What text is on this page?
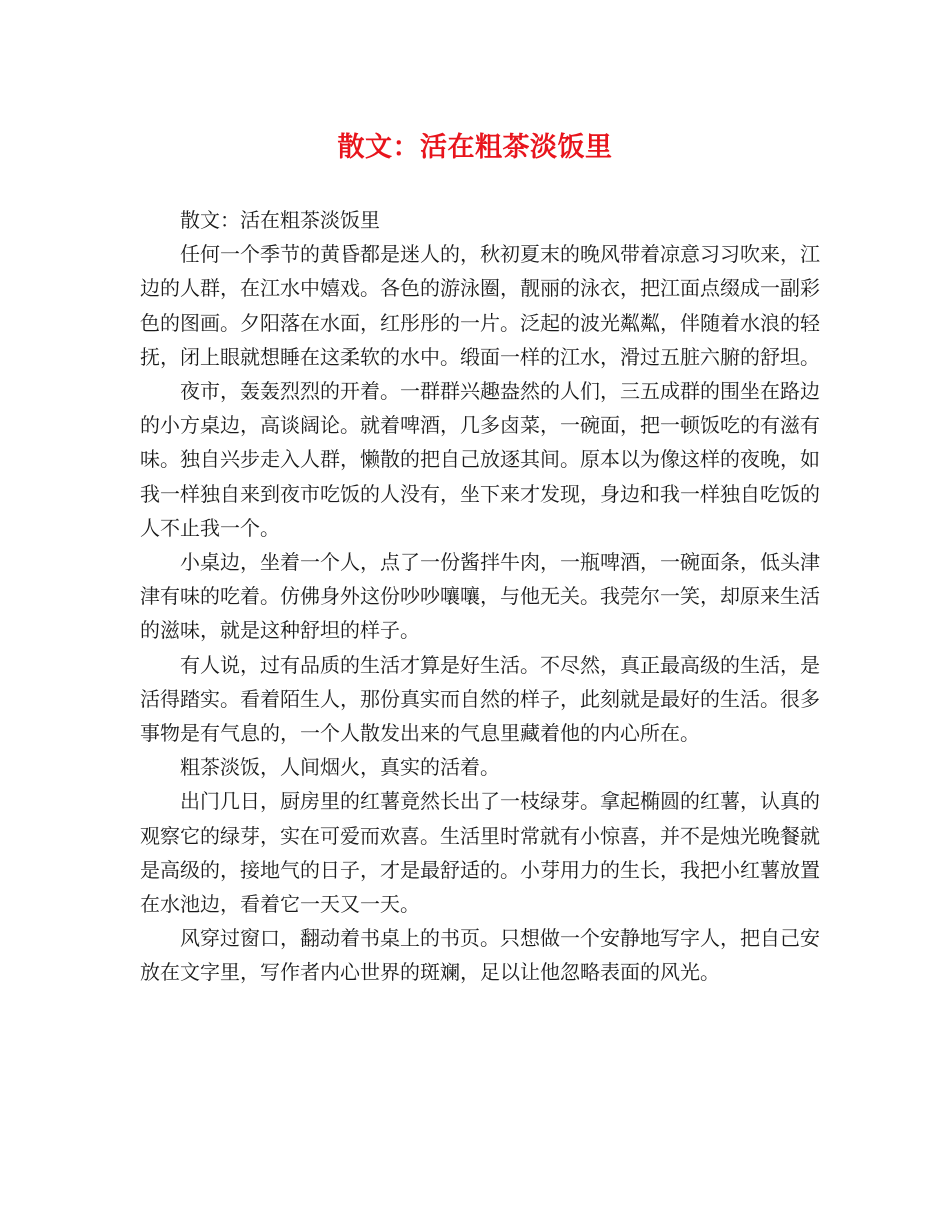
散文：活在粗茶淡饭里

散文：活在粗茶淡饭里

任何一个季节的黄昏都是迷人的，秋初夏末的晚风带着凉意习习吹来，江边的人群，在江水中嬉戏。各色的游泳圈，靓丽的泳衣，把江面点缀成一副彩色的图画。夕阳落在水面，红彤彤的一片。泛起的波光粼粼，伴随着水浪的轻抚，闭上眼就想睡在这柔软的水中。缎面一样的江水，滑过五脏六腑的舒坦。

夜市，轰轰烈烈的开着。一群群兴趣盎然的人们，三五成群的围坐在路边的小方桌边，高谈阔论。就着啤酒，几多卤菜，一碗面，把一顿饭吃的有滋有味。独自兴步走入人群，懒散的把自己放逐其间。原本以为像这样的夜晚，如我一样独自来到夜市吃饭的人没有，坐下来才发现，身边和我一样独自吃饭的人不止我一个。

小桌边，坐着一个人，点了一份酱拌牛肉，一瓶啤酒，一碗面条，低头津津有味的吃着。仿佛身外这份吵吵嚷嚷，与他无关。我莞尔一笑，却原来生活的滋味，就是这种舒坦的样子。

有人说，过有品质的生活才算是好生活。不尽然，真正最高级的生活，是活得踏实。看着陌生人，那份真实而自然的样子，此刻就是最好的生活。很多事物是有气息的，一个人散发出来的气息里藏着他的内心所在。

粗茶淡饭，人间烟火，真实的活着。

出门几日，厨房里的红薯竟然长出了一枝绿芽。拿起椭圆的红薯，认真的观察它的绿芽，实在可爱而欢喜。生活里时常就有小惊喜，并不是烛光晚餐就是高级的，接地气的日子，才是最舒适的。小芽用力的生长，我把小红薯放置在水池边，看着它一天又一天。

风穿过窗口，翻动着书桌上的书页。只想做一个安静地写字人，把自己安放在文字里，写作者内心世界的斑斓，足以让他忽略表面的风光。
